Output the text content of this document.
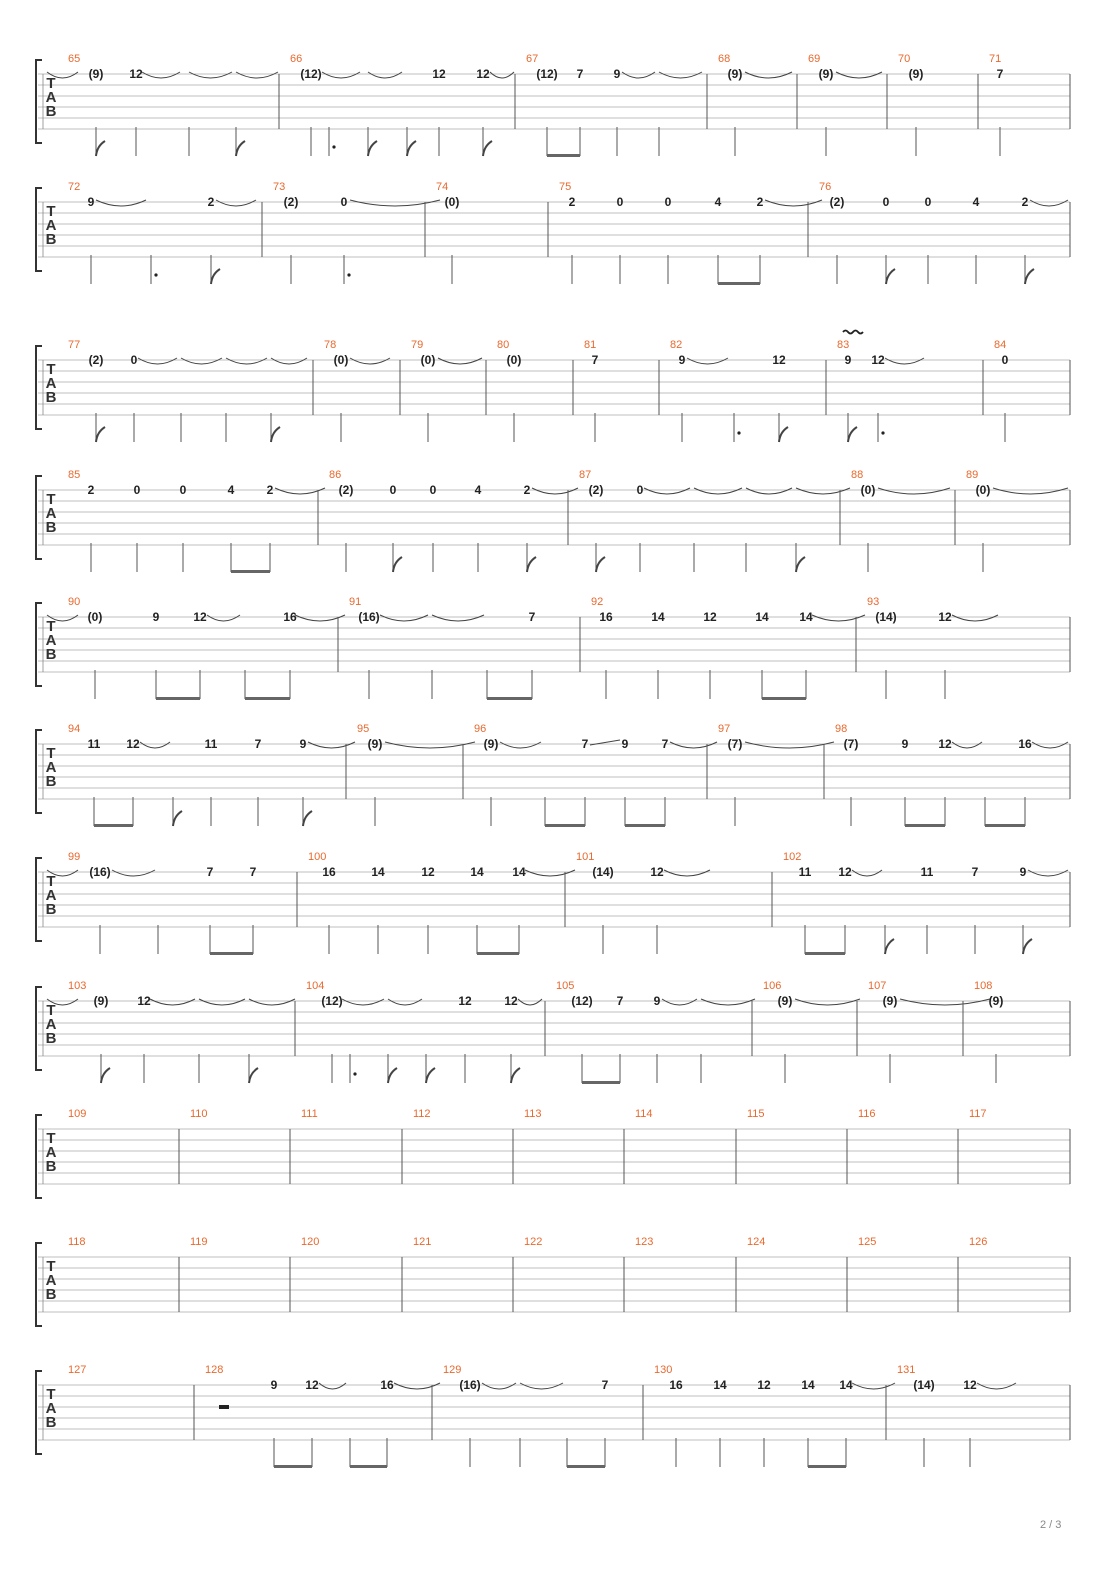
T
A
B
65
(9) 12
66
(12)	12	12
67
(12) 7	9
68
(9)
69
(9)
70
(9)
71
7
T
A
B
72
9	2
73
(2)	0
74
(0)
75
2	0	0	4	2
76
(2)	0	0	4	2
T
A
B
77
(2) 0
78
(0)
79
(0)
80
(0)
81
7
82
9	12
83
9 12
84
0
T
A
B
85
2	0	0	4	2
86
(2)	0	0	4	2
87
(2)	0
88
(0)
89
(0)
T
A
B
90
(0)	9	12	16
91
(16)	7
92
16	14	12	14	14
93
(14)	12
T
A
B
94
11 12	11	7	9
95
(9)
96
(9)	7	9	7
97
(7)
98
(7)	9 12	16
T
A
B
99
(16)	7	7
100
16	14	12	14 14
101
(14)	12
102
11 12	11	7	9
T
A
B
103
(9) 12
104
(12)	12	12
105
(12) 7	9
106
(9)
107
(9)
108
(9)
T
A
B
109	110	111	112	113	114	115	116	117
T
A
B
118	119	120	121	122	123	124	125	126
T
A
B
127	128
9 12	16
129
(16)	7
130
16	14	12	14 14
131
(14) 12
2 / 3
